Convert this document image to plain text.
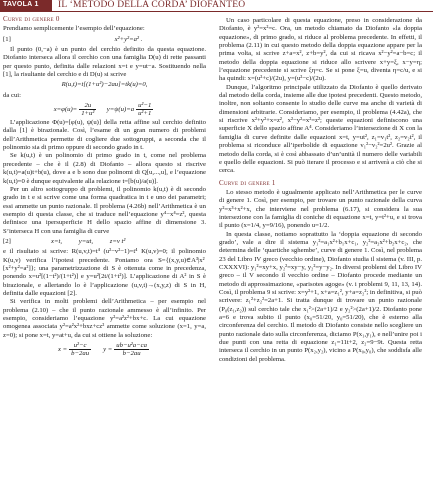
TAVOLA 1 IL ‘METODO DELLA CORDA’ DIOFANTEO
Curve di genere 0

Prendiamo semplicemente l’esempio dell’equazione:

[1]	x²+y²=a² .

Il punto (0,−a) è un punto del cerchio definito da questa equazione. Diofanto interseca allora il cerchio con una famiglia D(u) di rette passanti per questo punto, definita dalle relazioni x=t e y=ut−a. Sostituendo nella [1], la risultante del cerchio e di D(u) si scrive

R(u,t)=t[(1+u²)−2au]=tk(u)=0,

da cui:

$x=\varphi(u)= \frac{2u}{\text{1+u²}} y=\psi(u)=a \frac{\text{u²−1}}{\text{u²+1}}$

L’applicazione Φ(u)=[φ(u), ψ(u)] della retta affine sul cerchio definito dalla [1] è birazionale. Così, l’esame di un gran numero di problemi dell’Arithmetica permette di cogliere due sottogruppi, a seconda che il polinomio sia di primo oppure di secondo grado in t.

Se k(u,t) è un polinomio di primo grado in t, come nel problema precedente – che è il (2.8) di Diofanto – allora questo si riscrive k(u,t)=a(u)t+b(u), dove a e b sono due polinomi di Q[u,...,u], e l’equazione k(u,t)=0 è dunque equivalente alla relazione t=[b(u)/a(u)].

Per un altro sottogruppo di problemi, il polinomio k(u,t) è di secondo grado in t e si scrive come una forma quadratica in t e uno dei parametri; essi ammette un punto razionale. Il problema (4.26b) nell’Arithmetica è un esempio di questa classe, che si traduce nell’equazione y⁴−x⁴=z², questa definisce una ipersuperficie H dello spazio affine di dimensione 3. S’interseca H con una famiglia di curve

[2]	x=t,          y=ut,          z=v t²

e il risultato si scrive: R(u,v,t)=t⁴ (u²−v²−1)=t⁴ K(u,v)=0; il polinomio K(u,v) verifica l’ipotesi precedente. Poniamo ora S={(x,y,u)∈A³|x² [x²+y²=a²]}; una parametrizzazione di S è ottenuta come in precedenza, ponendo x=u²[(1−t²)/(1+t²)] e y=u²[2t/(1+t²)]. L’applicazione di A² in S è birazionale, e allertando lo è l’applicazione (u,v,t)→(x,y,z) di S in H, definita dalle equazioni [2].

Si verifica in molti problemi dell’Arithmetica – per esempio nel problema (2.10) – che il punto razionale ammesso è all’infinito. Per esempio, consideriamo l’equazione y²=a²z²+bx+c. La cui equazione omogenea associata y²=a²x²+bxz+cz² ammette come soluzione (x=1, y=a, z=0); si pone x=t, y=at+u, da cui si ottiene la soluzione:

$x = \frac{\text{u²−c}}{b-2au}$ $y = \frac{\text{ub−u²a−ca}}{b-2au}$

Un caso particolare di questa equazione, preso in considerazione da Diofanto, è y²=x²=c. Ora, un metodo chiamato da Diofanto «la doppia equazione», di primo grado, si riduce al problema precedente. In effetti, il problema (2.11) in cui questo metodo della doppia equazione appare per la prima volta, si scrive z+a=x², z+b=y², da cui si ricava x²−y²=a−b=c; il metodo della doppia equazione si riduce allo scrivere x+y=ξ, x−y=η; l’equazione precedente si scrive ξη=c. Se si pone ξ=u, diventa η=c/u, e si ha quindi: x=(u²+c)/(2u), y=(u²−c)/(2u).

Dunque, l’algoritmo principale utilizzato da Diofanto è quello derivato dal metodo della corda, insieme alle due ipotesi precedenti. Questo metodo, inoltre, non soltanto consente lo studio delle curve ma anche di varietà di dimensioni arbitrarie. Consideriamo, per esempio, il problema (4.42a), che si riscrive x²+y²+x=z², x²−y²=x²=z²; queste equazioni definiscono una superficie X dello spazio affine A⁴. Consideriamo l’intersezione di X con la famiglia di curve definite dalle equazioni x=t, y=ut², z₁=v₁t², z₂=v₂t², il problema si riconduce all’iperbolide di equazione v₁²−v₂²=2u². Grazie al metodo della corda, si è così abbassato d’un’unità il numero delle variabili e quello delle equazioni. Si può iterare il processo e si arriverà a ciò che si cerca.

Curve di genere 1

Lo stesso metodo è ugualmente applicato nell’Arithmetica per le curve di genere 1. Così, per esempio, per trovare un punto razionale della curva y²=x³+x²+x, che interviene nel problema (6.17), si considera la sua intersezione con la famiglia di coniche di equazione x=t, y=t²+u, e si trova il punto (x=1/4, y=9/16), ponendo u=1/2.

In questa classe, notiamo soprattutto la ‘doppia equazione di secondo grado’, vale a dire il sistema y₁²=a₁x²+b₁x+c₁, y₂²=a₂x²+b₂x+c₂, che determina delle ‘quartiche sghembe’, curve di genere 1. Così, nel problema 23 del Libro IV greco (vecchio ordine), Diofanto studia il sistema (v. III, p. CXXXVI): y₁²=xy+x, y₂²=xy−y, y₂²=y−y₂. In diversi problemi del Libro IV greco – il V secondo il vecchio ordine – Diofanto procede mediante un metodo di approssimazione, «parisotes agoge» (v. i problemi 9, 11, 13, 14). Così, il problema 9 si scrive: x=y²+1, x+a=z₁², y+a=z₂²; in definitiva, si può scrivere: z₁²+z₂²=2a+1. Si tratta dunque di trovare un punto razionale (P₀(z₁,z₂)) sul cerchio tale che x₁²>(2a+1)/2 e y₂²>(2a+1)/2. Diofanto pone a=6 e trova subito il punto (x₀=51/20, y₀=51/20), che è esterno alla circonferenza del cerchio. Il metodo di Diofanto consiste nello scegliere un punto razionale dato sulla circonferenza, diciamo P(x₁,y₁), e nell’unire poi i due punti con una retta di equazione z₁=11t+2, z₂=9−9t. Questa retta interseca il cerchio in un punto P(x₂,y₂), vicino a P(x₀,y₀), che soddisfa alle condizioni del problema.
